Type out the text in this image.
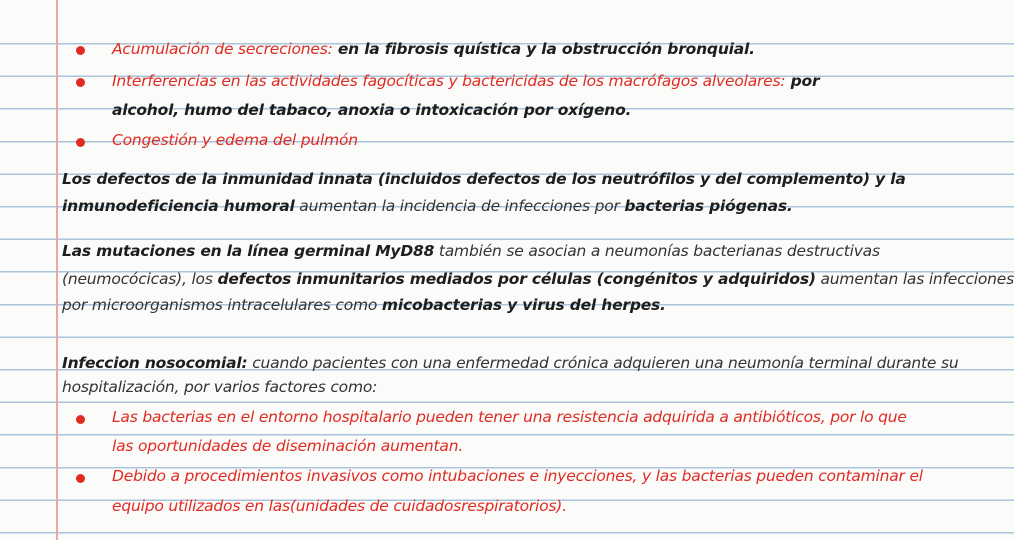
Acumulación de secreciones: en la fibrosis quística y la obstrucción bronquial.
Interferencias en las actividades fagocíticas y bactericidas de los macrófagos alveolares: por
alcohol, humo del tabaco, anoxia o intoxicación por oxígeno.
Congestión y edema del pulmón
Los defectos de la inmunidad innata (incluidos defectos de los neutrófilos y del complemento) y la
inmunodeficiencia humoral aumentan la incidencia de infecciones por bacterias piógenas.
Las mutaciones en la línea germinal MyD88 también se asocian a neumonías bacterianas destructivas
(neumocócicas), los defectos inmunitarios mediados por células (congénitos y adquiridos) aumentan las infecciones
por microorganismos intracelulares como micobacterias y virus del herpes.
Infeccion nosocomial: cuando pacientes con una enfermedad crónica adquieren una neumonía terminal durante su
hospitalización, por varios factores como:
Las bacterias en el entorno hospitalario pueden tener una resistencia adquirida a antibióticos, por lo que
las oportunidades de diseminación aumentan.
Debido a procedimientos invasivos como intubaciones e inyecciones, y las bacterias pueden contaminar el
equipo utilizados en las(unidades de cuidadosrespiratorios).
